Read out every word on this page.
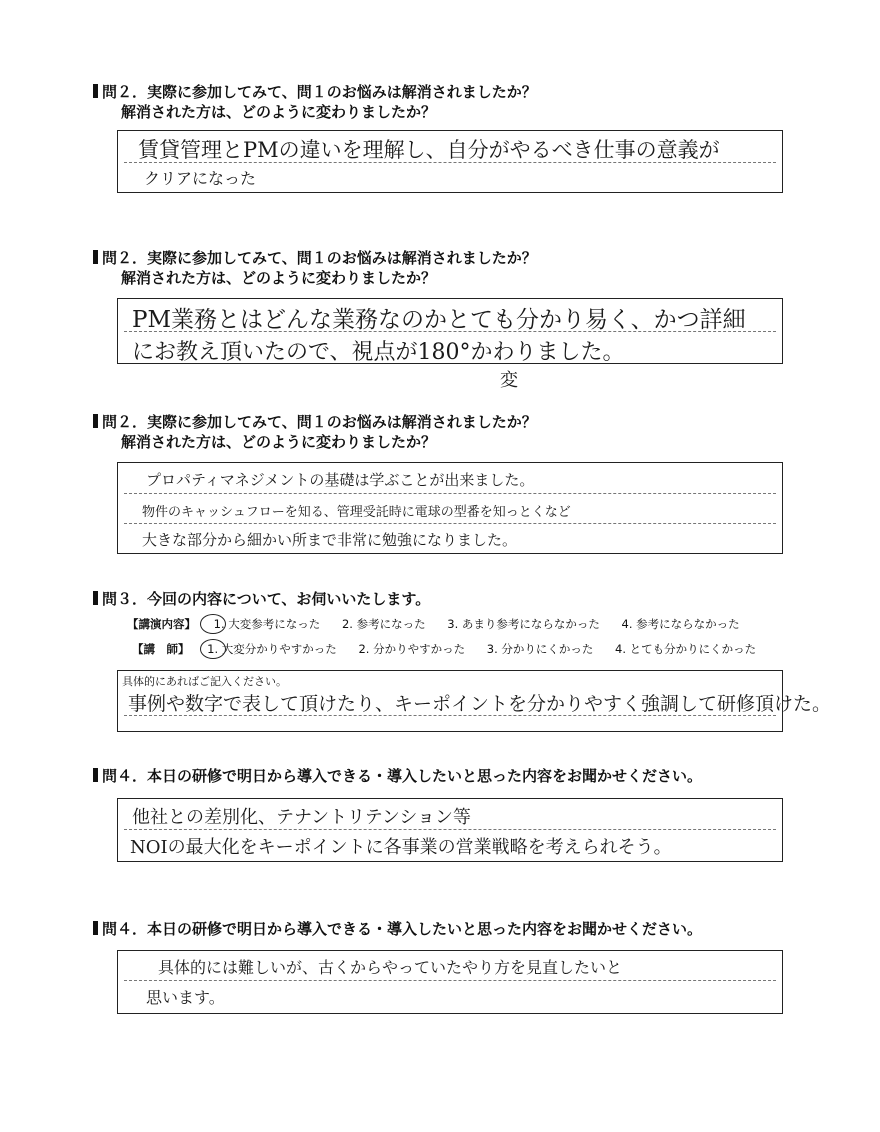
問２．実際に参加してみて、問１のお悩みは解消されましたか？
解消された方は、どのように変わりましたか？
賃貸管理とPMの違いを理解し、自分がやるべき仕事の意義が
クリアになった
問２．実際に参加してみて、問１のお悩みは解消されましたか？
解消された方は、どのように変わりましたか？
PM業務とはどんな業務なのかとても分かり易く、かつ詳細
にお教え頂いたので、視点が180°かわりました。
変
問２．実際に参加してみて、問１のお悩みは解消されましたか？
解消された方は、どのように変わりましたか？
プロパティマネジメントの基礎は学ぶことが出来ました。
物件のキャッシュフローを知る、管理受託時に電球の型番を知っとくなど
大きな部分から細かい所まで非常に勉強になりました。
問３．今回の内容について、お伺いいたします。
【講演内容】 1. 大変参考になった 2. 参考になった 3. あまり参考にならなかった 4. 参考にならなかった
【講　師】 1. 大変分かりやすかった 2. 分かりやすかった 3. 分かりにくかった 4. とても分かりにくかった
具体的にあればご記入ください。
事例や数字で表して頂けたり、キーポイントを分かりやすく強調して研修頂けた。
問４．本日の研修で明日から導入できる・導入したいと思った内容をお聞かせください。
他社との差別化、テナントリテンション等
NOIの最大化をキーポイントに各事業の営業戦略を考えられそう。
問４．本日の研修で明日から導入できる・導入したいと思った内容をお聞かせください。
具体的には難しいが、古くからやっていたやり方を見直したいと
思います。
